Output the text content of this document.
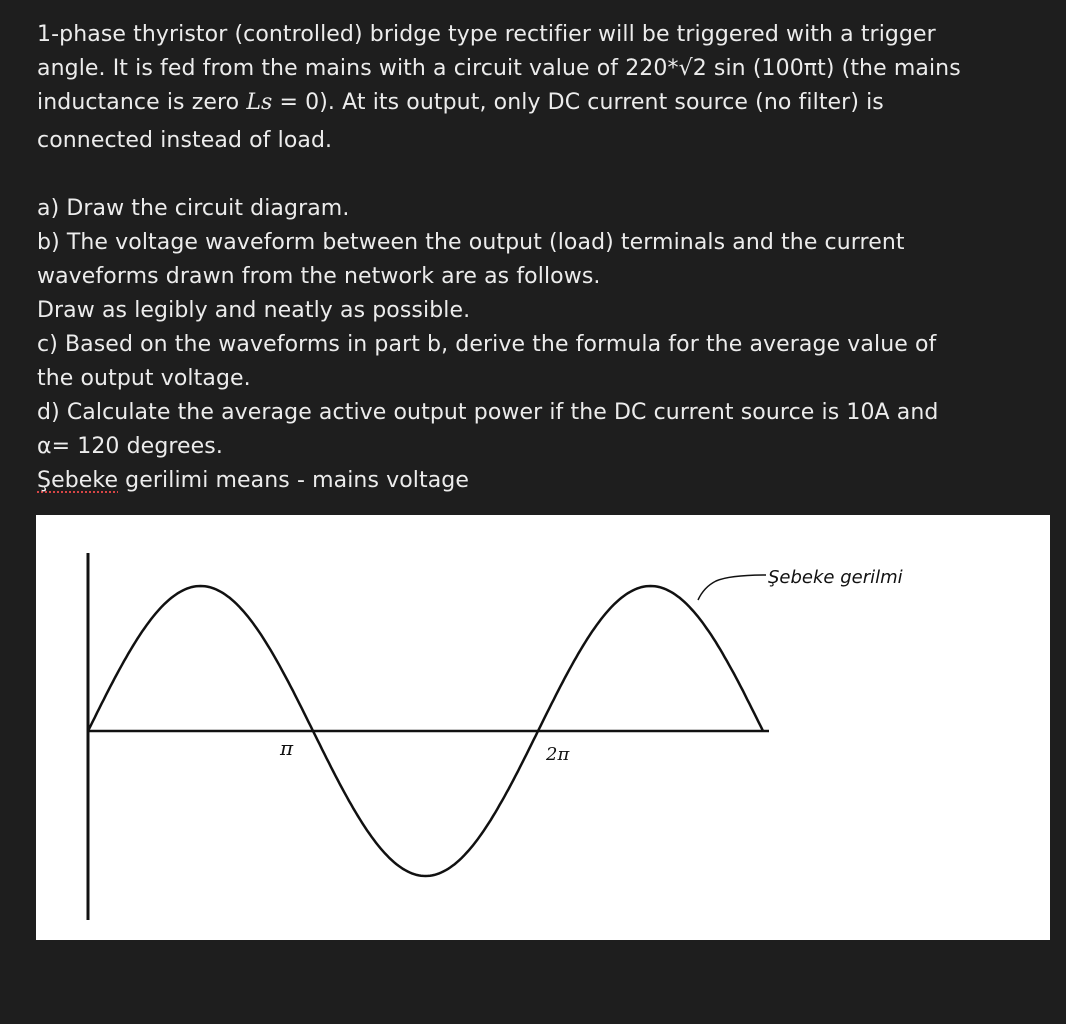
1-phase thyristor (controlled) bridge type rectifier will be triggered with a trigger

angle. It is fed from the mains with a circuit value of 220*√2 sin (100πt) (the mains

inductance is zero Ls = 0). At its output, only DC current source (no filter) is

connected instead of load.

a) Draw the circuit diagram.

b) The voltage waveform between the output (load) terminals and the current

waveforms drawn from the network are as follows.

Draw as legibly and neatly as possible.

c) Based on the waveforms in part b, derive the formula for the average value of

the output voltage.

d) Calculate the average active output power if the DC current source is 10A and

α= 120 degrees.

Şebeke gerilimi means - mains voltage

Şebeke gerilmi
π	2π
